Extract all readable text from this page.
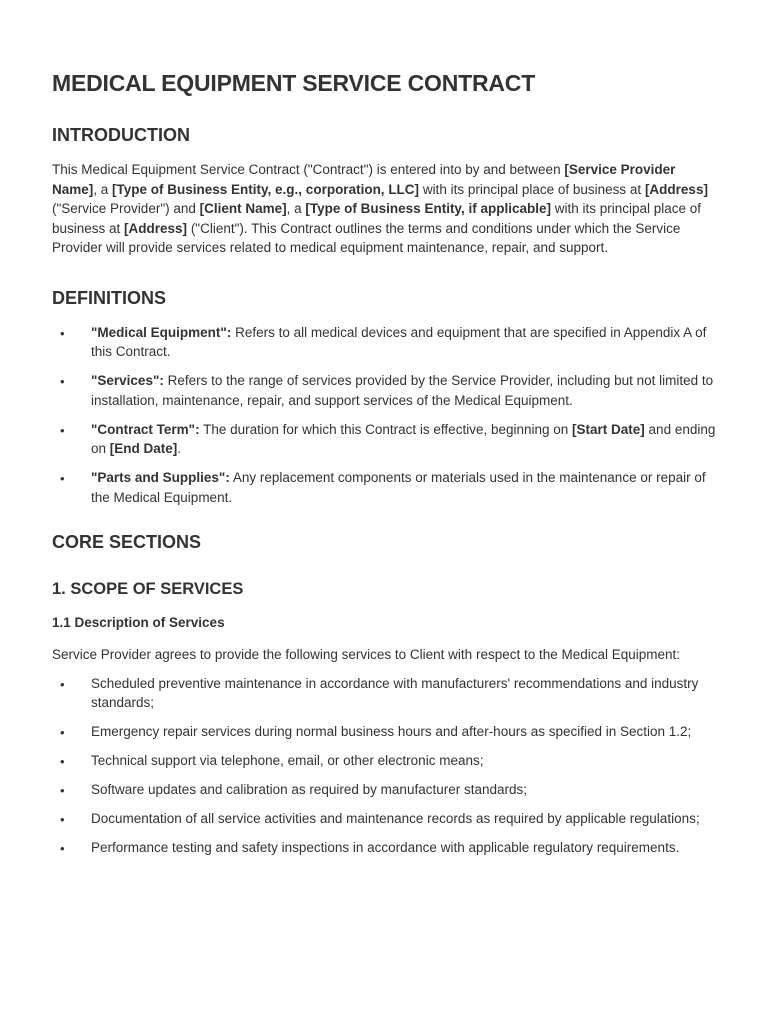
MEDICAL EQUIPMENT SERVICE CONTRACT
INTRODUCTION

This Medical Equipment Service Contract ("Contract") is entered into by and between [Service Provider Name], a [Type of Business Entity, e.g., corporation, LLC] with its principal place of business at [Address] ("Service Provider") and [Client Name], a [Type of Business Entity, if applicable] with its principal place of business at [Address] ("Client"). This Contract outlines the terms and conditions under which the Service Provider will provide services related to medical equipment maintenance, repair, and support.

DEFINITIONS
• "Medical Equipment": Refers to all medical devices and equipment that are specified in Appendix A of this Contract.
• "Services": Refers to the range of services provided by the Service Provider, including but not limited to installation, maintenance, repair, and support services of the Medical Equipment.
• "Contract Term": The duration for which this Contract is effective, beginning on [Start Date] and ending on [End Date].
• "Parts and Supplies": Any replacement components or materials used in the maintenance or repair of the Medical Equipment.
CORE SECTIONS
1. SCOPE OF SERVICES
1.1 Description of Services

Service Provider agrees to provide the following services to Client with respect to the Medical Equipment:

• Scheduled preventive maintenance in accordance with manufacturers' recommendations and industry standards;
• Emergency repair services during normal business hours and after-hours as specified in Section 1.2;
• Technical support via telephone, email, or other electronic means;
• Software updates and calibration as required by manufacturer standards;
• Documentation of all service activities and maintenance records as required by applicable regulations;
• Performance testing and safety inspections in accordance with applicable regulatory requirements.
